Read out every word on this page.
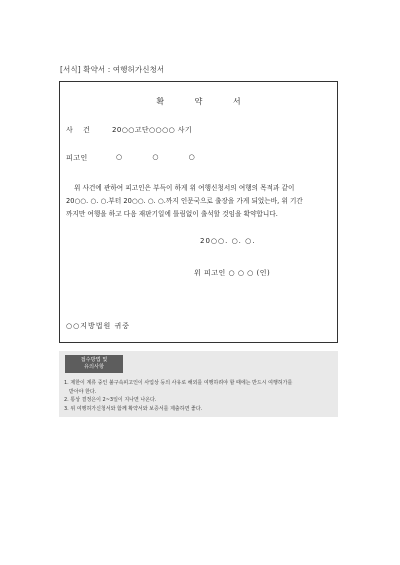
[서식] 확약서 : 여행허가신청서
확 약 서
사 건	20○○고단○○○○ 사기
피고인	○ ○ ○
위 사건에 관하여 피고인은 부득이 하게 위 여행신청서의 여행의 목적과 같이
20○○. ○. ○.부터 20○○. ○. ○.까지 인문국으로 출장을 가게 되었는바, 위 기간
까지만 여행을 하고 다음 재판기일에 틀림없이 출석할 것임을 확약합니다.
20○○. ○. ○.
위 피고인 ○ ○ ○ (인)
○○지방법원 귀중
접수방법 및
유의사항
1. 제한이 계류 중인 불구속피고인이 사업상 등의 사유로 해외를 여행하려야 할 때에는 반드시 여행허가를
받아야 한다.
2. 통상 결정은이 2~3일이 지나면 나온다.
3. 위 여행허가신청서와 함께 확약서와 보증서를 제출하면 좋다.
